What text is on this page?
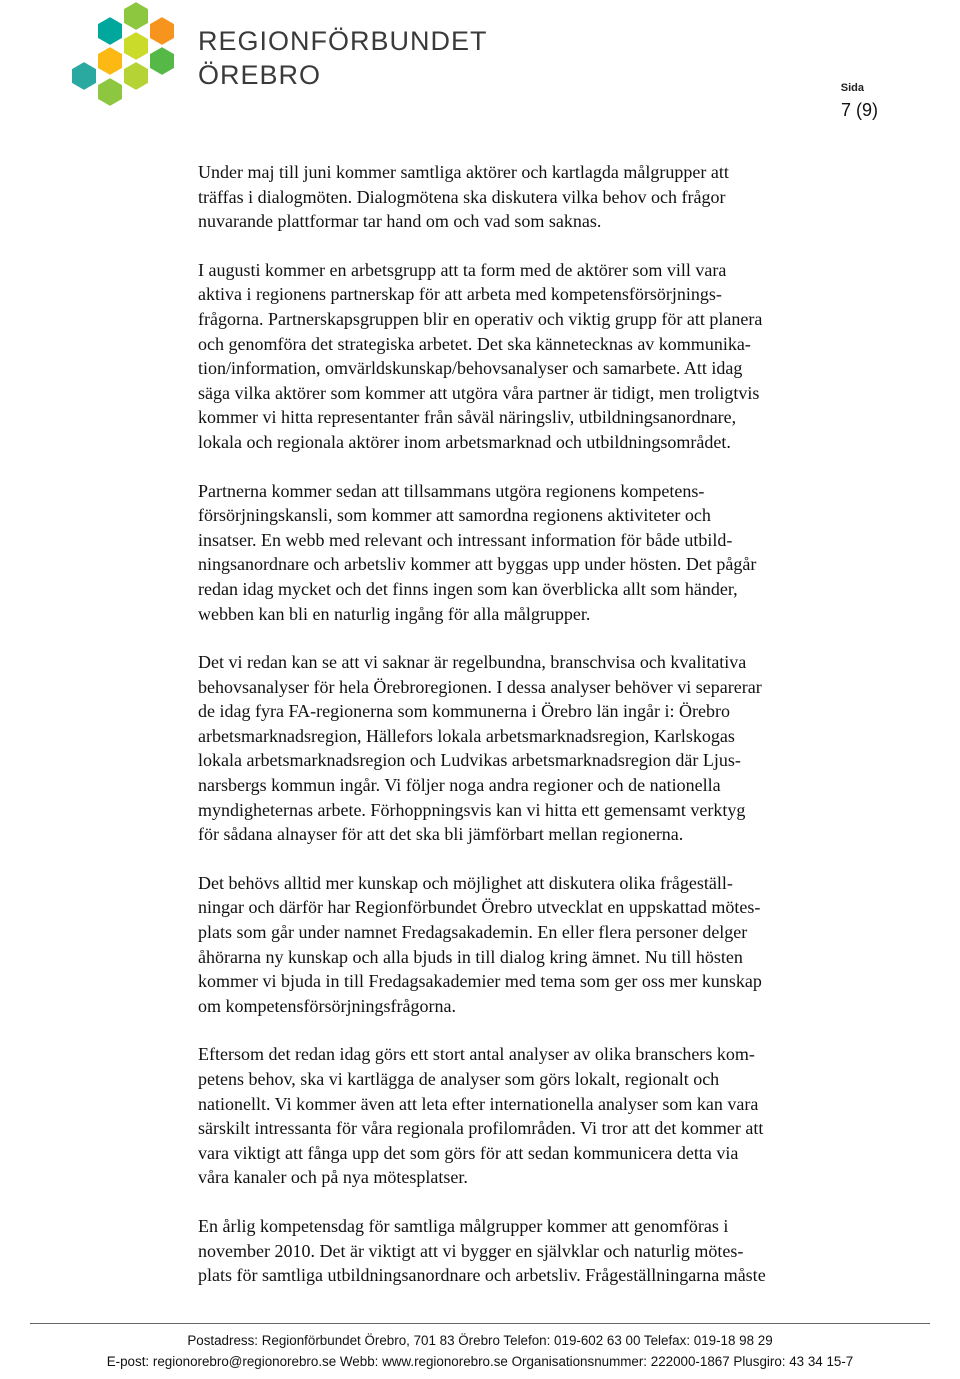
REGIONFÖRBUNDET
ÖREBRO	Sida
7 (9)

Under maj till juni kommer samtliga aktörer och kartlagda målgrupper att
träffas i dialogmöten. Dialogmötena ska diskutera vilka behov och frågor
nuvarande plattformar tar hand om och vad som saknas.

I augusti kommer en arbetsgrupp att ta form med de aktörer som vill vara
aktiva i regionens partnerskap för att arbeta med kompetensförsörjnings-
frågorna. Partnerskapsgruppen blir en operativ och viktig grupp för att planera
och genomföra det strategiska arbetet. Det ska kännetecknas av kommunika-
tion/information, omvärldskunskap/behovsanalyser och samarbete. Att idag
säga vilka aktörer som kommer att utgöra våra partner är tidigt, men troligtvis
kommer vi hitta representanter från såväl näringsliv, utbildningsanordnare,
lokala och regionala aktörer inom arbetsmarknad och utbildningsområdet.

Partnerna kommer sedan att tillsammans utgöra regionens kompetens-
försörjningskansli, som kommer att samordna regionens aktiviteter och
insatser. En webb med relevant och intressant information för både utbild-
ningsanordnare och arbetsliv kommer att byggas upp under hösten. Det pågår
redan idag mycket och det finns ingen som kan överblicka allt som händer,
webben kan bli en naturlig ingång för alla målgrupper.

Det vi redan kan se att vi saknar är regelbundna, branschvisa och kvalitativa
behovsanalyser för hela Örebroregionen. I dessa analyser behöver vi separerar
de idag fyra FA-regionerna som kommunerna i Örebro län ingår i: Örebro
arbetsmarknadsregion, Hällefors lokala arbetsmarknadsregion, Karlskogas
lokala arbetsmarknadsregion och Ludvikas arbetsmarknadsregion där Ljus-
narsbergs kommun ingår. Vi följer noga andra regioner och de nationella
myndigheternas arbete. Förhoppningsvis kan vi hitta ett gemensamt verktyg
för sådana alnayser för att det ska bli jämförbart mellan regionerna.

Det behövs alltid mer kunskap och möjlighet att diskutera olika frågeställ-
ningar och därför har Regionförbundet Örebro utvecklat en uppskattad mötes-
plats som går under namnet Fredagsakademin. En eller flera personer delger
åhörarna ny kunskap och alla bjuds in till dialog kring ämnet. Nu till hösten
kommer vi bjuda in till Fredagsakademier med tema som ger oss mer kunskap
om kompetensförsörjningsfrågorna.

Eftersom det redan idag görs ett stort antal analyser av olika branschers kom-
petens behov, ska vi kartlägga de analyser som görs lokalt, regionalt och
nationellt. Vi kommer även att leta efter internationella analyser som kan vara
särskilt intressanta för våra regionala profilområden. Vi tror att det kommer att
vara viktigt att fånga upp det som görs för att sedan kommunicera detta via
våra kanaler och på nya mötesplatser.

En årlig kompetensdag för samtliga målgrupper kommer att genomföras i
november 2010. Det är viktigt att vi bygger en självklar och naturlig mötes-
plats för samtliga utbildningsanordnare och arbetsliv. Frågeställningarna måste

Postadress: Regionförbundet Örebro, 701 83 Örebro Telefon: 019-602 63 00 Telefax: 019-18 98 29
E-post: regionorebro@regionorebro.se Webb: www.regionorebro.se Organisationsnummer: 222000-1867 Plusgiro: 43 34 15-7
